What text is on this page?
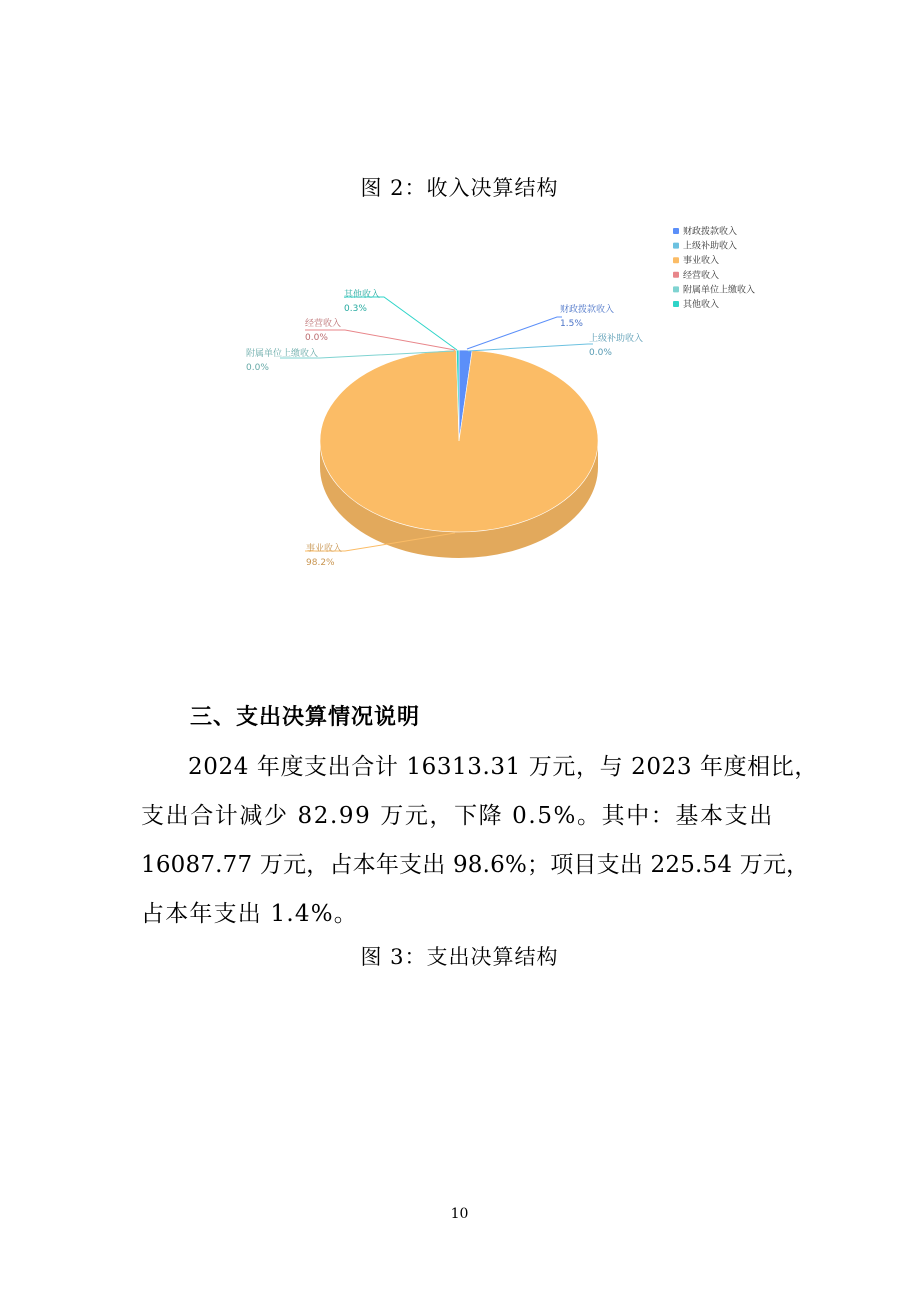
图 2：收入决算结构
财政拨款收入
上级补助收入
事业收入
经营收入
附属单位上缴收入
其他收入
财政拨款收入
1.5%
上级补助收入
0.0%
事业收入
98.2%
经营收入
0.0%
附属单位上缴收入
0.0%
其他收入
0.3%
三、支出决算情况说明
2024 年度支出合计 16313.31 万元，与 2023 年度相比，
支出合计减少 82.99 万元，下降 0.5%。其中：基本支出
16087.77 万元，占本年支出 98.6%；项目支出 225.54 万元，
占本年支出 1.4%。
图 3：支出决算结构
10
